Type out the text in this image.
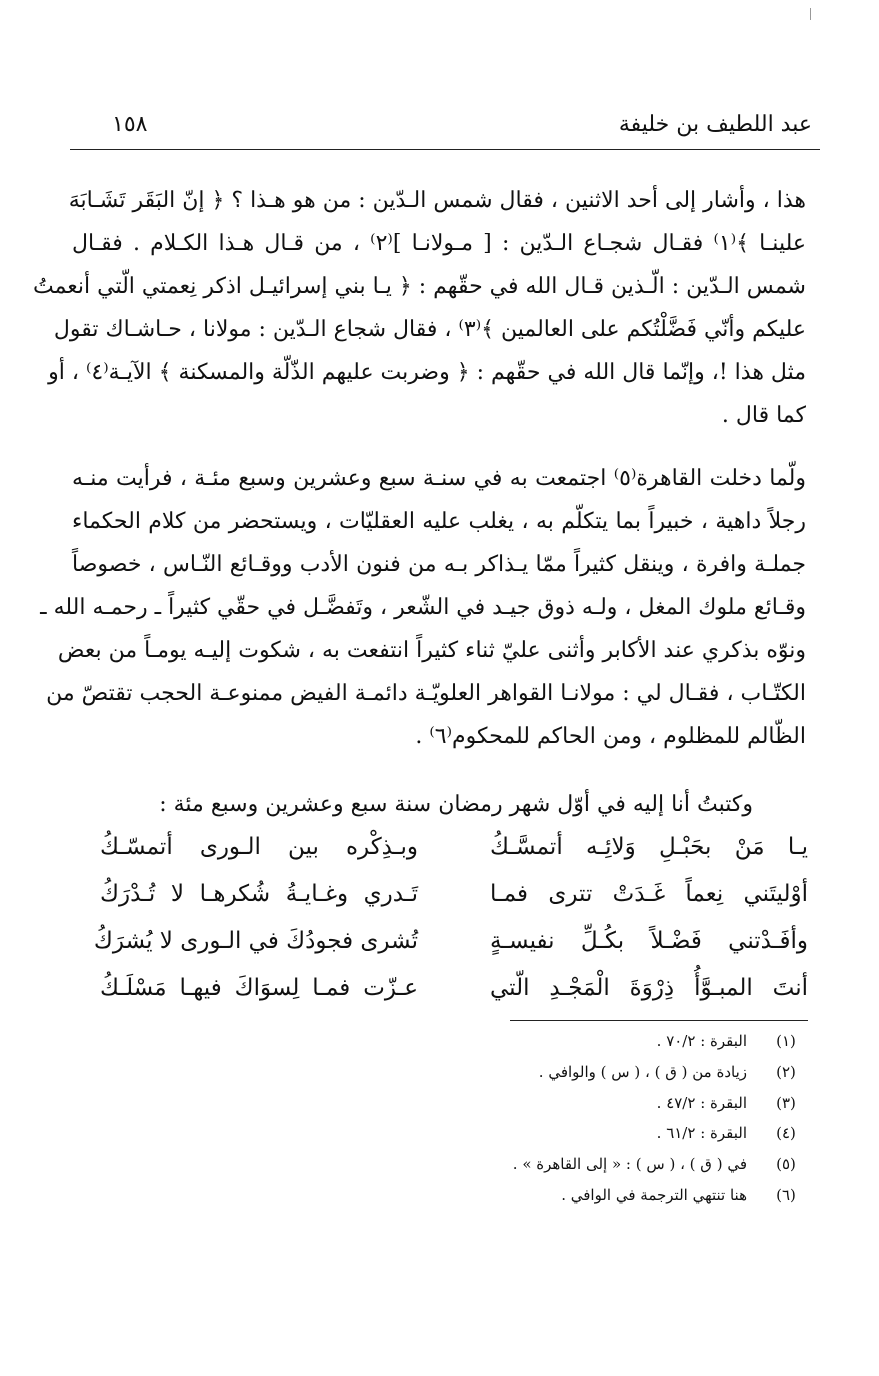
عبد اللطيف بن خليفة
١٥٨
هذا ، وأشار إلى أحد الاثنين ، فقال شمس الـدّين : من هو هـذا ؟ ﴿ إنّ البَقَر تَشَـابَهَ
علينـا ﴾⁽١⁾ فقـال شجـاع الـدّين : [ مـولانـا ]⁽٢⁾ ، من قـال هـذا الكـلام . فقـال
شمس الـدّين : الّـذين قـال الله في حقّهم : ﴿ يـا بني إسرائيـل اذكر نِعمتي الّتي أنعمتُ
عليكم وأنّي فَضَّلْتُكم على العالمين ﴾⁽٣⁾ ، فقال شجاع الـدّين : مولانا ، حـاشـاك تقول
مثل هذا !، وإنّما قال الله في حقّهم : ﴿ وضربت عليهم الذّلّة والمسكنة ﴾ الآيـة⁽٤⁾ ، أو
كما قال .
ولّما دخلت القاهرة⁽٥⁾ اجتمعت به في سنـة سبع وعشرين وسبع مئـة ، فرأيت منـه
رجلاً داهية ، خبيراً بما يتكلّم به ، يغلب عليه العقليّات ، ويستحضر من كلام الحكماء
جملـة وافرة ، وينقل كثيراً ممّا يـذاكر بـه من فنون الأدب ووقـائع النّـاس ، خصوصاً
وقـائع ملوك المغل ، ولـه ذوق جيـد في الشّعر ، وتَفضَّـل في حقّي كثيراً ـ رحمـه الله ـ
ونوّه بذكري عند الأكابر وأثنى عليّ ثناء كثيراً انتفعت به ، شكوت إليـه يومـاً من بعض
الكتّـاب ، فقـال لي : مولانـا القواهر العلويّـة دائمـة الفيض ممنوعـة الحجب تقتصّ من
الظّالم للمظلوم ، ومن الحاكم للمحكوم⁽٦⁾ .
وكتبتُ أنا إليه في أوّل شهر رمضان سنة سبع وعشرين وسبع مئة :
يـا مَنْ بحَبْـلِ وَلائِـه أتمسَّـكُ
وبـذِكْره بين الـورى أتمسّـكُ
أوْليتَني نِعماً غَـدَتْ تترى فمـا
تَـدري وغـايـةُ شُكرهـا لا تُـدْرَكُ
وأفَـدْتني فَضْـلاً بكُـلِّ نفيسـةٍ
تُشرى فجودُكَ في الـورى لا يُشرَكُ
أنتَ المبـوَّأُ ذِرْوَةَ الْمَجْـدِ الّتي
عـزّت فمـا لِسوَاكَ فيهـا مَسْلَـكُ
(١)
البقرة : ٧٠/٢ .
(٢)
زيادة من ( ق ) ، ( س ) والوافي .
(٣)
البقرة : ٤٧/٢ .
(٤)
البقرة : ٦١/٢ .
(٥)
في ( ق ) ، ( س ) : « إلى القاهرة » .
(٦)
هنا تنتهي الترجمة في الوافي .
